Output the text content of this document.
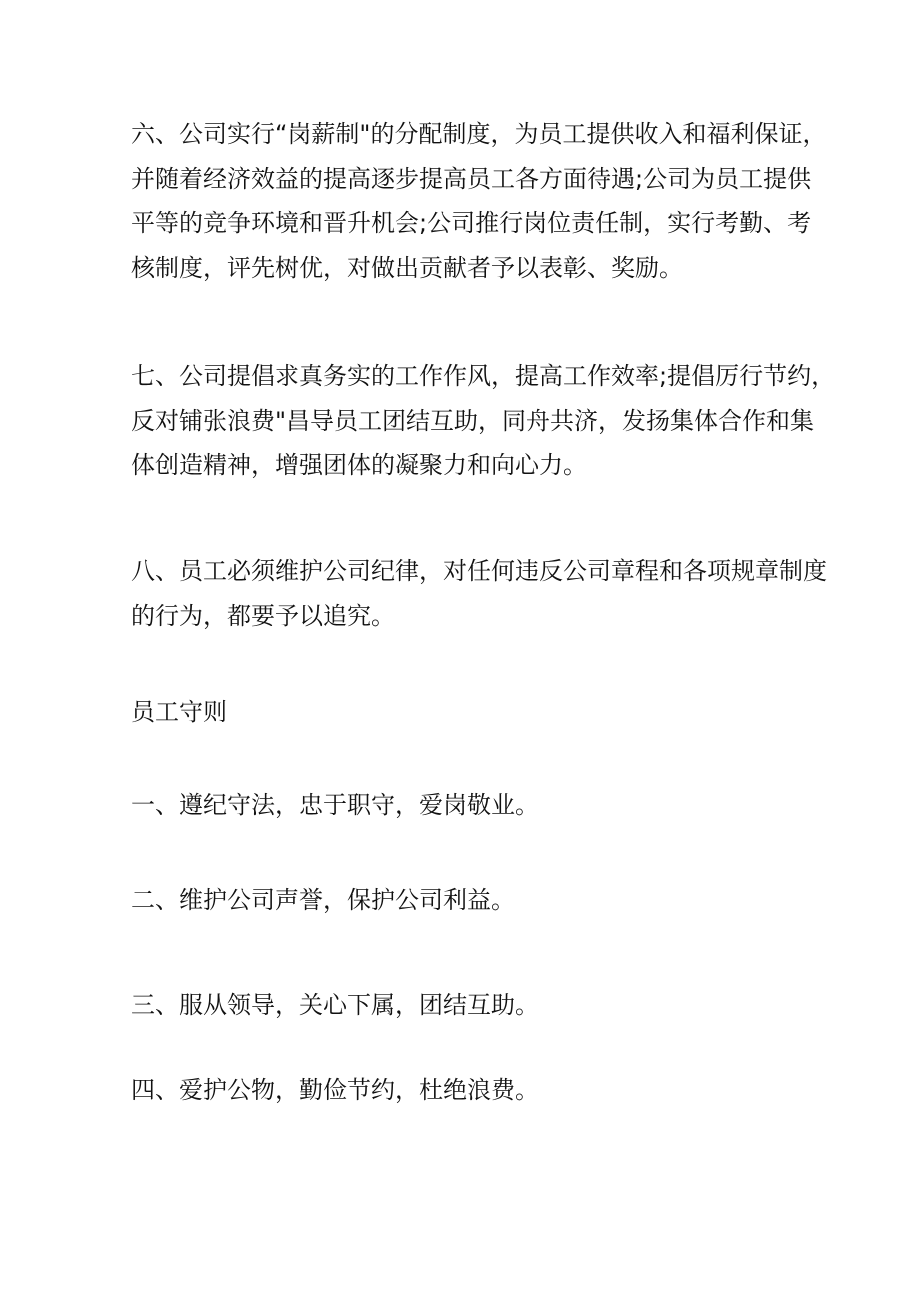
六、公司实行“岗薪制"的分配制度，为员工提供收入和福利保证，
并随着经济效益的提高逐步提高员工各方面待遇;公司为员工提供
平等的竞争环境和晋升机会;公司推行岗位责任制，实行考勤、考
核制度，评先树优，对做出贡献者予以表彰、奖励。

七、公司提倡求真务实的工作作风，提高工作效率;提倡厉行节约，
反对铺张浪费"昌导员工团结互助，同舟共济，发扬集体合作和集
体创造精神，增强团体的凝聚力和向心力。

八、员工必须维护公司纪律，对任何违反公司章程和各项规章制度
的行为，都要予以追究。

员工守则

一、遵纪守法，忠于职守，爱岗敬业。

二、维护公司声誉，保护公司利益。

三、服从领导，关心下属，团结互助。

四、爱护公物，勤俭节约，杜绝浪费。
